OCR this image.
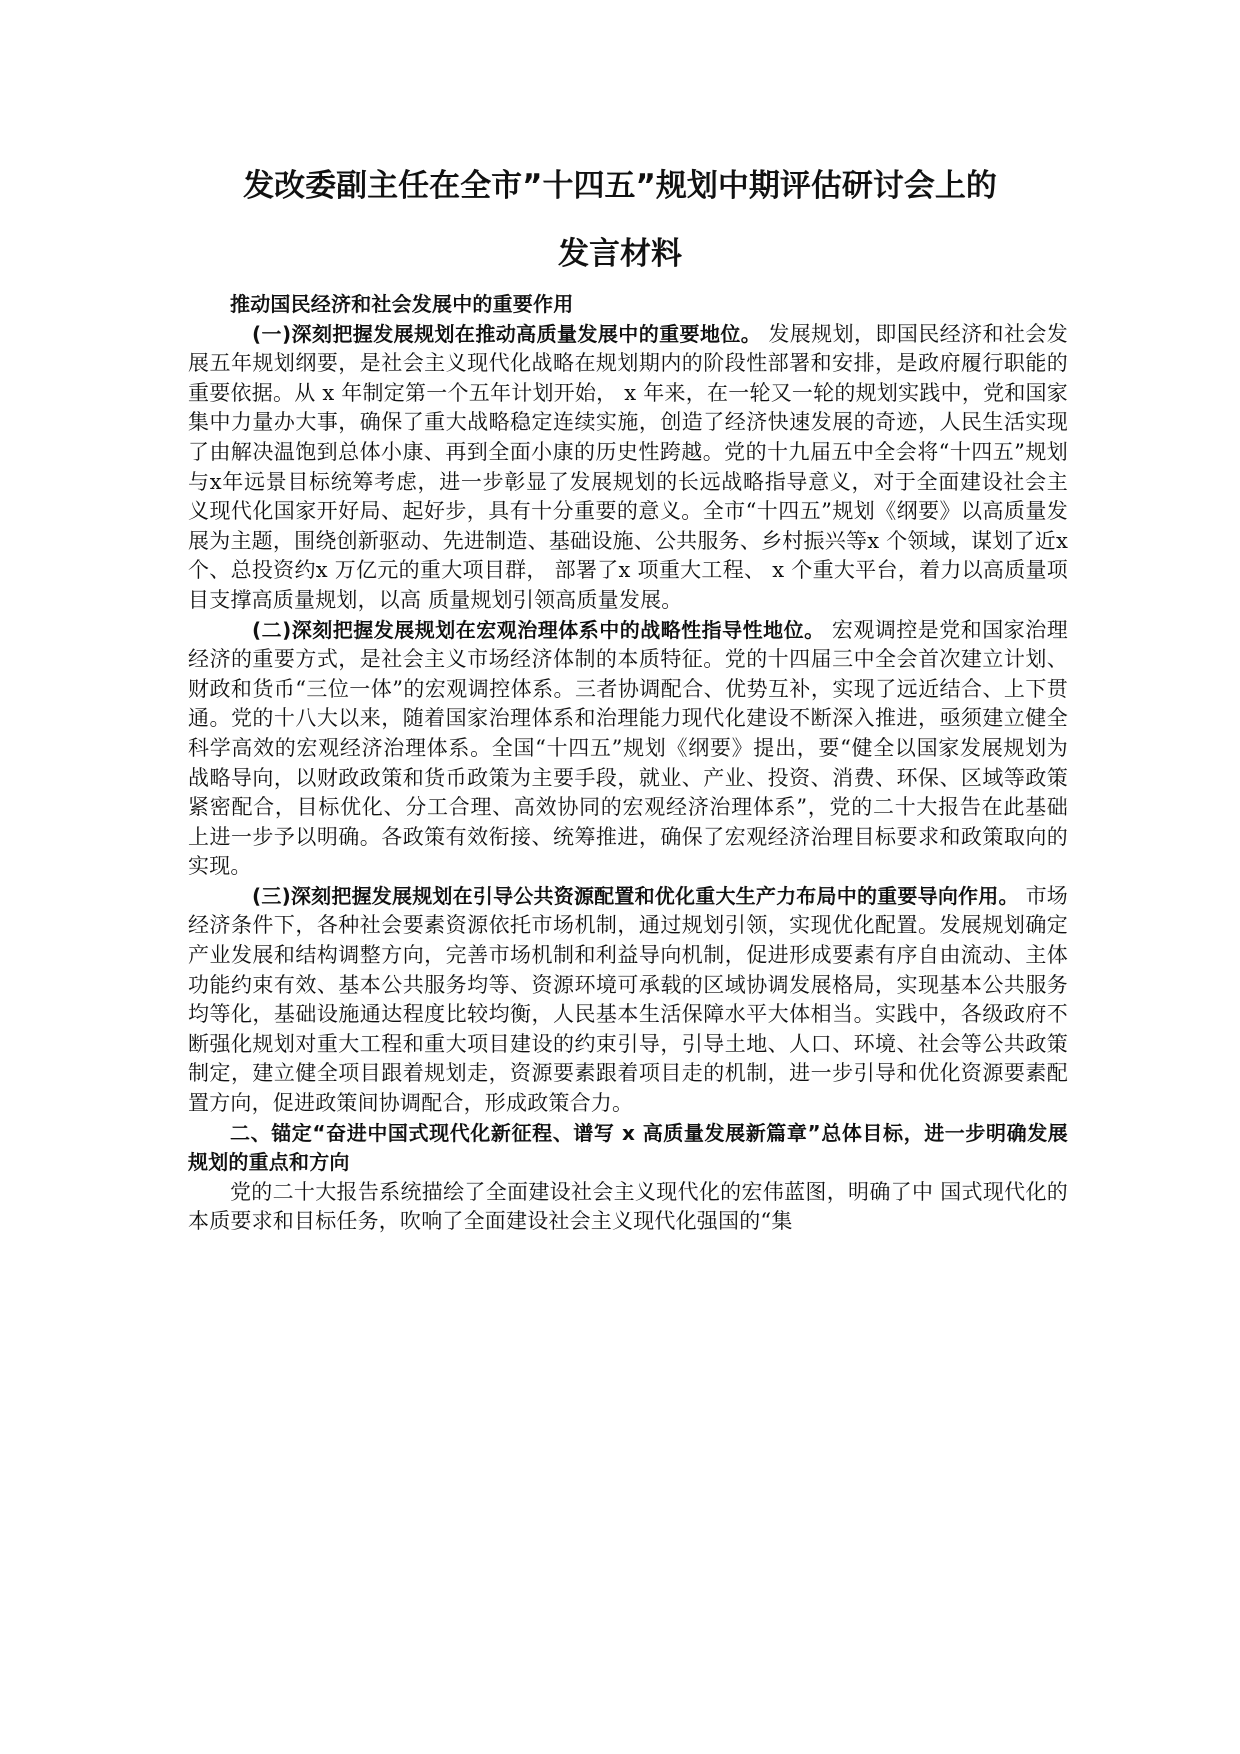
发改委副主任在全市”十四五”规划中期评估研讨会上的
发言材料

推动国民经济和社会发展中的重要作用

(一)深刻把握发展规划在推动高质量发展中的重要地位。 发展规划，即国民经济和社会发展五年规划纲要，是社会主义现代化战略在规划期内的阶段性部署和安排，是政府履行职能的重要依据。从 x 年制定第一个五年计划开始， x 年来，在一轮又一轮的规划实践中，党和国家集中力量办大事，确保了重大战略稳定连续实施，创造了经济快速发展的奇迹，人民生活实现了由解决温饱到总体小康、再到全面小康的历史性跨越。党的十九届五中全会将“十四五”规划与x年远景目标统筹考虑，进一步彰显了发展规划的长远战略指导意义，对于全面建设社会主义现代化国家开好局、起好步，具有十分重要的意义。全市“十四五”规划《纲要》以高质量发展为主题，围绕创新驱动、先进制造、基础设施、公共服务、乡村振兴等x 个领域，谋划了近x 个、总投资约x 万亿元的重大项目群， 部署了x 项重大工程、 x 个重大平台，着力以高质量项目支撑高质量规划，以高 质量规划引领高质量发展。

(二)深刻把握发展规划在宏观治理体系中的战略性指导性地位。 宏观调控是党和国家治理经济的重要方式，是社会主义市场经济体制的本质特征。党的十四届三中全会首次建立计划、财政和货币“三位一体”的宏观调控体系。三者协调配合、优势互补，实现了远近结合、上下贯通。党的十八大以来，随着国家治理体系和治理能力现代化建设不断深入推进，亟须建立健全科学高效的宏观经济治理体系。全国“十四五”规划《纲要》提出，要“健全以国家发展规划为战略导向，以财政政策和货币政策为主要手段，就业、产业、投资、消费、环保、区域等政策紧密配合，目标优化、分工合理、高效协同的宏观经济治理体系”，党的二十大报告在此基础上进一步予以明确。各政策有效衔接、统筹推进，确保了宏观经济治理目标要求和政策取向的实现。

(三)深刻把握发展规划在引导公共资源配置和优化重大生产力布局中的重要导向作用。 市场经济条件下，各种社会要素资源依托市场机制，通过规划引领，实现优化配置。发展规划确定产业发展和结构调整方向，完善市场机制和利益导向机制，促进形成要素有序自由流动、主体功能约束有效、基本公共服务均等、资源环境可承载的区域协调发展格局，实现基本公共服务均等化，基础设施通达程度比较均衡，人民基本生活保障水平大体相当。实践中，各级政府不断强化规划对重大工程和重大项目建设的约束引导，引导土地、人口、环境、社会等公共政策制定，建立健全项目跟着规划走，资源要素跟着项目走的机制，进一步引导和优化资源要素配置方向，促进政策间协调配合，形成政策合力。

二、锚定“奋进中国式现代化新征程、谱写 x 高质量发展新篇章”总体目标，进一步明确发展规划的重点和方向

党的二十大报告系统描绘了全面建设社会主义现代化的宏伟蓝图，明确了中 国式现代化的本质要求和目标任务，吹响了全面建设社会主义现代化强国的“集
